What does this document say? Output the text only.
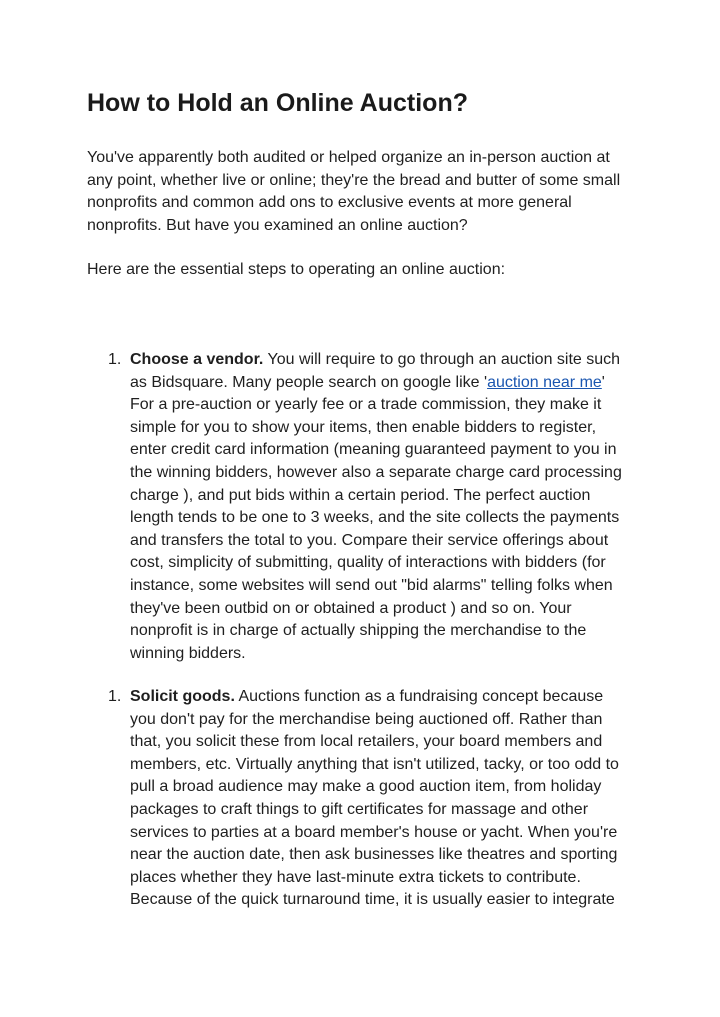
How to Hold an Online Auction?
You've apparently both audited or helped organize an in-person auction at
any point, whether live or online; they're the bread and butter of some small
nonprofits and common add ons to exclusive events at more general
nonprofits. But have you examined an online auction?

Here are the essential steps to operating an online auction:

1. Choose a vendor. You will require to go through an auction site such
as Bidsquare. Many people search on google like 'auction near me'
For a pre-auction or yearly fee or a trade commission, they make it
simple for you to show your items, then enable bidders to register,
enter credit card information (meaning guaranteed payment to you in
the winning bidders, however also a separate charge card processing
charge ), and put bids within a certain period. The perfect auction
length tends to be one to 3 weeks, and the site collects the payments
and transfers the total to you. Compare their service offerings about
cost, simplicity of submitting, quality of interactions with bidders (for
instance, some websites will send out "bid alarms" telling folks when
they've been outbid on or obtained a product ) and so on. Your
nonprofit is in charge of actually shipping the merchandise to the
winning bidders.
1. Solicit goods. Auctions function as a fundraising concept because
you don't pay for the merchandise being auctioned off. Rather than
that, you solicit these from local retailers, your board members and
members, etc. Virtually anything that isn't utilized, tacky, or too odd to
pull a broad audience may make a good auction item, from holiday
packages to craft things to gift certificates for massage and other
services to parties at a board member's house or yacht. When you're
near the auction date, then ask businesses like theatres and sporting
places whether they have last-minute extra tickets to contribute.
Because of the quick turnaround time, it is usually easier to integrate
